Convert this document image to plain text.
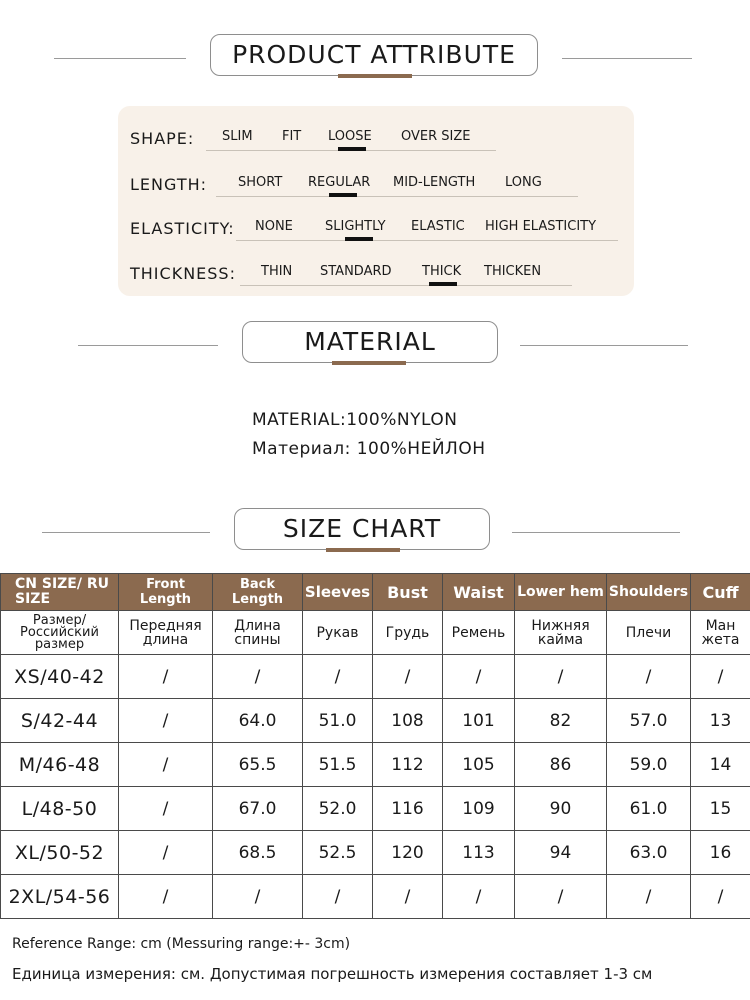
PRODUCT ATTRIBUTE
SHAPE: SLIM FIT LOOSE OVER SIZE
LENGTH: SHORT REGULAR MID-LENGTH LONG
ELASTICITY: NONE SLIGHTLY ELASTIC HIGH ELASTICITY
THICKNESS: THIN STANDARD THICK THICKEN
MATERIAL
MATERIAL:100%NYLON
Материал: 100%НЕЙЛОН
SIZE CHART
CN SIZE/ RU SIZE	Front Length	Back Length	Sleeves	Bust	Waist	Lower hem	Shoulders	Cuff
Размер/ Российский размер	Передняя длина	Длина спины	Рукав	Грудь	Ремень	Нижняя кайма	Плечи	Ман жета
XS/40-42	/	/	/	/	/	/	/	/
S/42-44	/	64.0	51.0	108	101	82	57.0	13
M/46-48	/	65.5	51.5	112	105	86	59.0	14
L/48-50	/	67.0	52.0	116	109	90	61.0	15
XL/50-52	/	68.5	52.5	120	113	94	63.0	16
2XL/54-56	/	/	/	/	/	/	/	/
Reference Range: cm (Messuring range:+- 3cm)
Единица измерения: см. Допустимая погрешность измерения составляет 1-3 см
